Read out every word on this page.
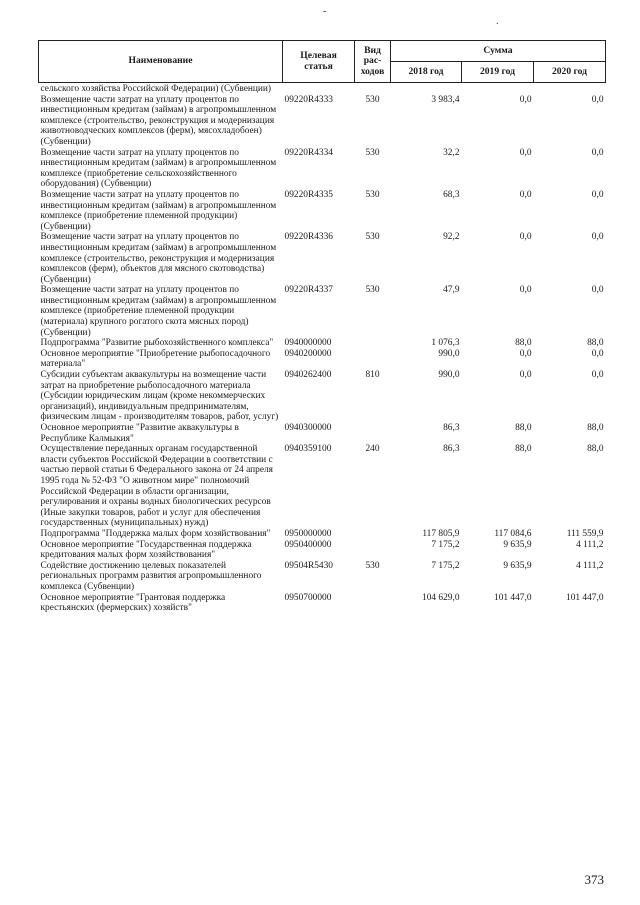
-
.
Наименование	Целевая статья	Вид рас-ходов	Сумма		
			2018 год	2019 год	2020 год
сельского хозяйства Российской Федерации) (Субвенции)					
Возмещение части затрат на уплату процентов по инвестиционным кредитам (займам) в агропромышленном комплексе (строительство, реконструкция и модернизация животноводческих комплексов (ферм), мясохладобоен) (Субвенции)	09220R4333	530	3 983,4	0,0	0,0
Возмещение части затрат на уплату процентов по инвестиционным кредитам (займам) в агропромышленном комплексе (приобретение сельскохозяйственного оборудования) (Субвенции)	09220R4334	530	32,2	0,0	0,0
Возмещение части затрат на уплату процентов по инвестиционным кредитам (займам) в агропромышленном комплексе (приобретение племенной продукции) (Субвенции)	09220R4335	530	68,3	0,0	0,0
Возмещение части затрат на уплату процентов по инвестиционным кредитам (займам) в агропромышленном комплексе (строительство, реконструкция и модернизация комплексов (ферм), объектов для мясного скотоводства) (Субвенции)	09220R4336	530	92,2	0,0	0,0
Возмещение части затрат на уплату процентов по инвестиционным кредитам (займам) в агропромышленном комплексе (приобретение племенной продукции (материала) крупного рогатого скота мясных пород) (Субвенции)	09220R4337	530	47,9	0,0	0,0
Подпрограмма "Развитие рыбохозяйственного комплекса"	0940000000		1 076,3	88,0	88,0
Основное мероприятие "Приобретение рыбопосадочного материала"	0940200000		990,0	0,0	0,0
Субсидии субъектам аквакультуры на возмещение части затрат на приобретение рыбопосадочного материала (Субсидии юридическим лицам (кроме некоммерческих организаций), индивидуальным предпринимателям, физическим лицам - производителям товаров, работ, услуг)	0940262400	810	990,0	0,0	0,0
Основное мероприятие "Развитие аквакультуры в Республике Калмыкия"	0940300000		86,3	88,0	88,0
Осуществление переданных органам государственной власти субъектов Российской Федерации в соответствии с частью первой статьи 6 Федерального закона от 24 апреля 1995 года № 52-ФЗ "О животном мире" полномочий Российской Федерации в области организации, регулирования и охраны водных биологических ресурсов (Иные закупки товаров, работ и услуг для обеспечения государственных (муниципальных) нужд)	0940359100	240	86,3	88,0	88,0
Подпрограмма "Поддержка малых форм хозяйствования"	0950000000		117 805,9	117 084,6	111 559,9
Основное мероприятие "Государственная поддержка кредитования малых форм хозяйствования"	0950400000		7 175,2	9 635,9	4 111,2
Содействие достижению целевых показателей региональных программ развития агропромышленного комплекса (Субвенции)	09504R5430	530	7 175,2	9 635,9	4 111,2
Основное мероприятие "Грантовая поддержка крестьянских (фермерских) хозяйств"	0950700000		104 629,0	101 447,0	101 447,0
373
